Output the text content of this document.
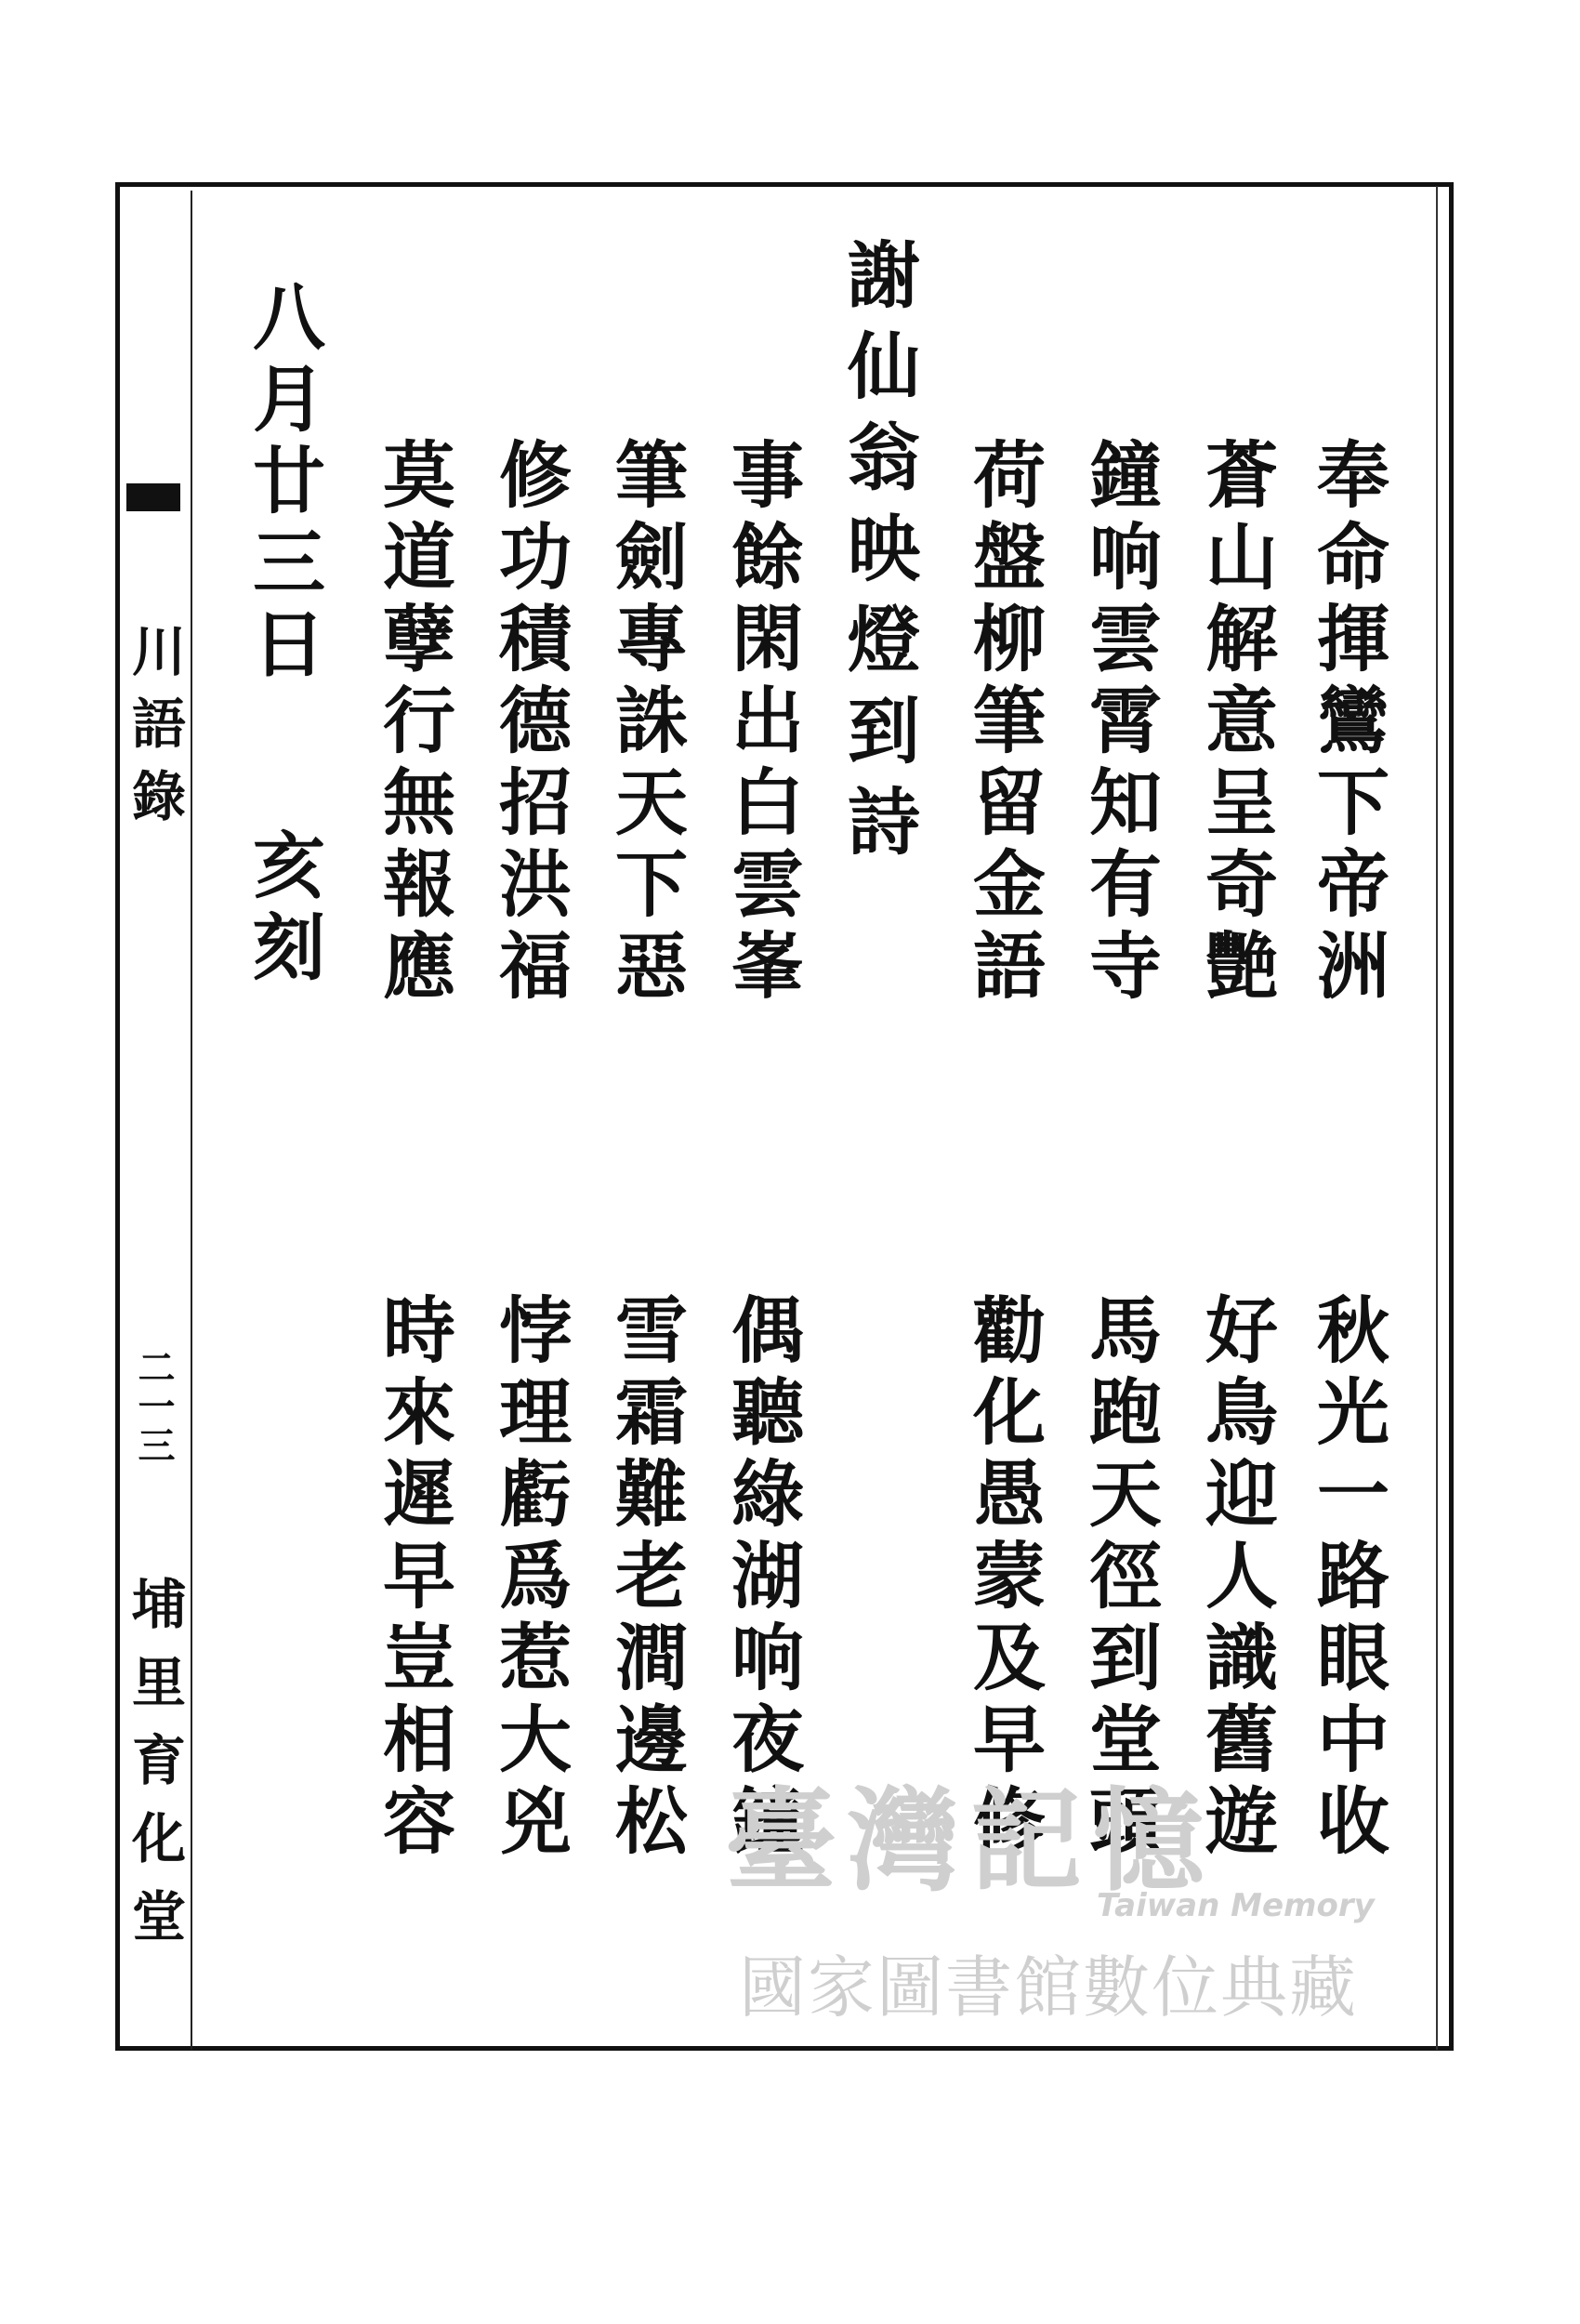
川語錄
二一三
埔里育化堂
奉命揮鸞下帝洲
秋光一路眼中收
蒼山解意呈奇艷
好鳥迎人識舊遊
鐘响雲霄知有寺
馬跑天徑到堂頭
荷盤柳筆留金語
勸化愚蒙及早修
謝仙翁映燈到詩
事餘閑出白雲峯
偶聽綠湖响夜鐘
筆劍專誅天下惡
雪霜難老澗邊松
修功積德招洪福
悖理虧爲惹大兇
莫道孽行無報應
時來遲早豈相容
八月廿三日
亥刻
臺灣記憶
Taiwan Memory
國家圖書館數位典藏
